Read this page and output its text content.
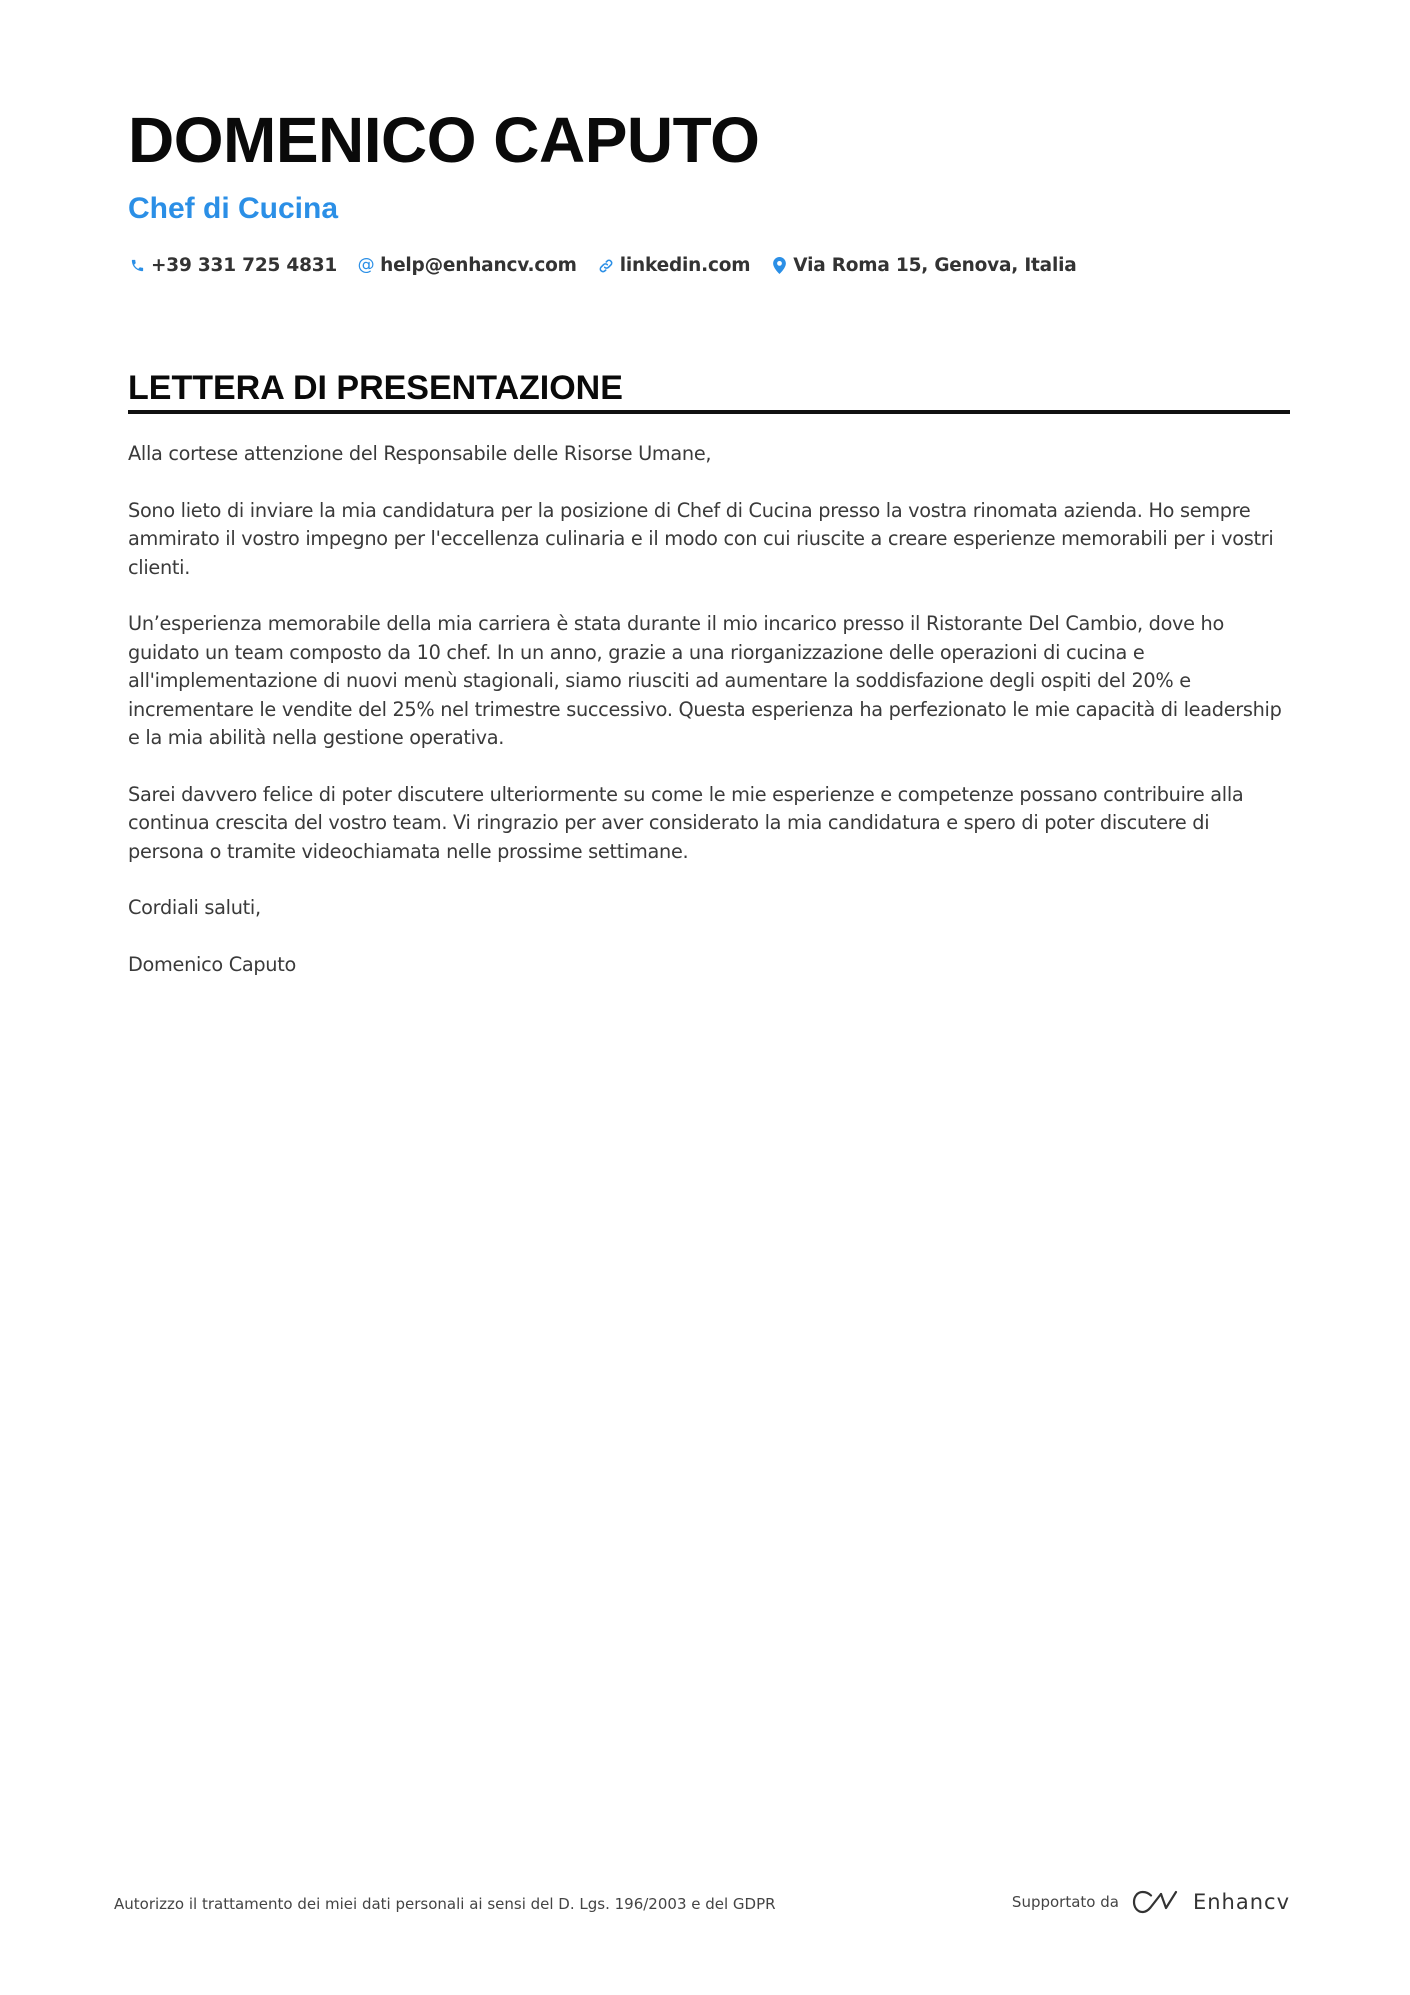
DOMENICO CAPUTO
Chef di Cucina
+39 331 725 4831 @ help@enhancv.com linkedin.com Via Roma 15, Genova, Italia
LETTERA DI PRESENTAZIONE

Alla cortese attenzione del Responsabile delle Risorse Umane,

Sono lieto di inviare la mia candidatura per la posizione di Chef di Cucina presso la vostra rinomata azienda. Ho sempre ammirato il vostro impegno per l'eccellenza culinaria e il modo con cui riuscite a creare esperienze memorabili per i vostri clienti.

Un’esperienza memorabile della mia carriera è stata durante il mio incarico presso il Ristorante Del Cambio, dove ho guidato un team composto da 10 chef. In un anno, grazie a una riorganizzazione delle operazioni di cucina e all'implementazione di nuovi menù stagionali, siamo riusciti ad aumentare la soddisfazione degli ospiti del 20% e incrementare le vendite del 25% nel trimestre successivo. Questa esperienza ha perfezionato le mie capacità di leadership e la mia abilità nella gestione operativa.

Sarei davvero felice di poter discutere ulteriormente su come le mie esperienze e competenze possano contribuire alla continua crescita del vostro team. Vi ringrazio per aver considerato la mia candidatura e spero di poter discutere di persona o tramite videochiamata nelle prossime settimane.

Cordiali saluti,

Domenico Caputo

Autorizzo il trattamento dei miei dati personali ai sensi del D. Lgs. 196/2003 e del GDPR	Supportato da	Enhancv
